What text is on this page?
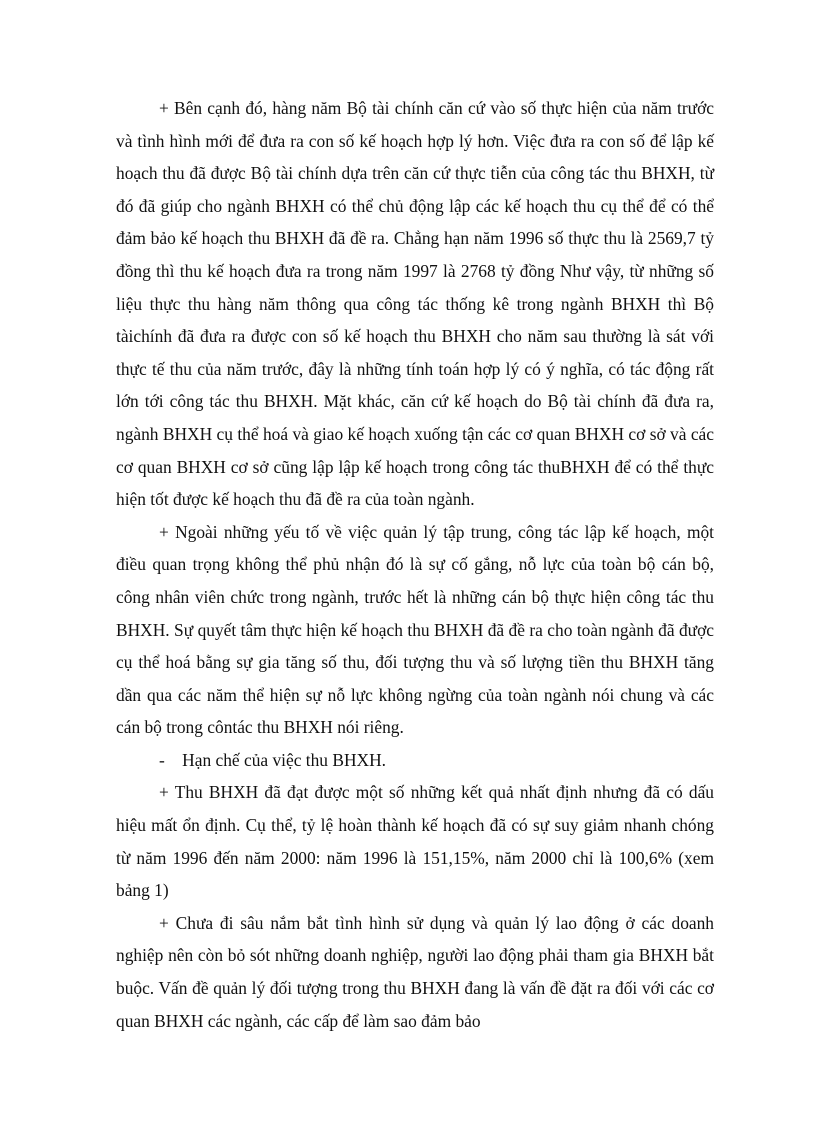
+ Bên cạnh đó, hàng năm Bộ tài chính căn cứ vào số thực hiện của năm trước và tình hình mới để đưa ra con số kế hoạch hợp lý hơn. Việc đưa ra con số để lập kế hoạch thu đã được Bộ tài chính dựa trên căn cứ thực tiễn của công tác thu BHXH, từ đó đã giúp cho ngành BHXH có thể chủ động lập các kế hoạch thu cụ thể để có thể đảm bảo kế hoạch thu BHXH đã đề ra. Chẳng hạn năm 1996 số thực thu là 2569,7 tỷ đồng thì thu kế hoạch đưa ra trong năm 1997 là 2768 tỷ đồng Như vậy, từ những số liệu thực thu hàng năm thông qua công tác thống kê trong ngành BHXH thì Bộ tàichính đã đưa ra được con số kế hoạch thu BHXH cho năm sau thường là sát với thực tế thu của năm trước, đây là những tính toán hợp lý có ý nghĩa, có tác động rất lớn tới công tác thu BHXH. Mặt khác, căn cứ kế hoạch do Bộ tài chính đã đưa ra, ngành BHXH cụ thể hoá và giao kế hoạch xuống tận các cơ quan BHXH cơ sở và các cơ quan BHXH cơ sở cũng lập lập kế hoạch trong công tác thuBHXH để có thể thực hiện tốt được kế hoạch thu đã đề ra của toàn ngành.

+ Ngoài những yếu tố về việc quản lý tập trung, công tác lập kế hoạch, một điều quan trọng không thể phủ nhận đó là sự cố gắng, nỗ lực của toàn bộ cán bộ, công nhân viên chức trong ngành, trước hết là những cán bộ thực hiện công tác thu BHXH. Sự quyết tâm thực hiện kế hoạch thu BHXH đã đề ra cho toàn ngành đã được cụ thể hoá bằng sự gia tăng số thu, đối tượng thu và số lượng tiền thu BHXH tăng dần qua các năm thể hiện sự nỗ lực không ngừng của toàn ngành nói chung và các cán bộ trong côntác thu BHXH nói riêng.

-    Hạn chế của việc thu BHXH.

+ Thu BHXH đã đạt được một số những kết quả nhất định nhưng đã có dấu hiệu mất ổn định. Cụ thể, tỷ lệ hoàn thành kế hoạch đã có sự suy giảm nhanh chóng từ năm 1996 đến năm 2000: năm 1996 là 151,15%, năm 2000 chỉ là 100,6% (xem bảng 1)

+ Chưa đi sâu nắm bắt tình hình sử dụng và quản lý lao động ở các doanh nghiệp nên còn bỏ sót những doanh nghiệp, người lao động phải tham gia BHXH bắt buộc. Vấn đề quản lý đối tượng trong thu BHXH đang là vấn đề đặt ra đối với các cơ quan BHXH các ngành, các cấp để làm sao đảm bảo
